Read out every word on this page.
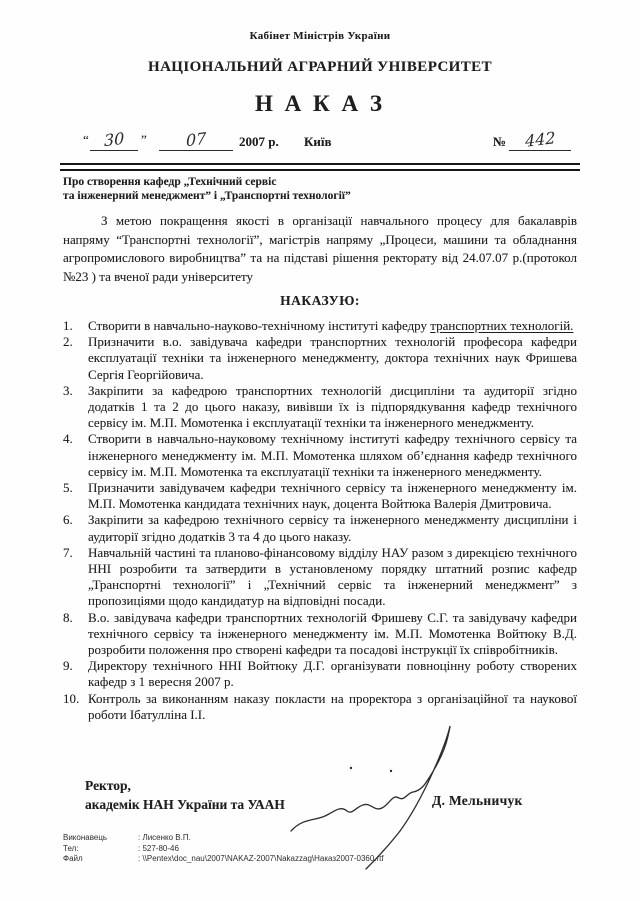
Кабінет Міністрів України
НАЦІОНАЛЬНИЙ АГРАРНИЙ УНІВЕРСИТЕТ
Н А К А З
“ 30	”	07	2007 р. Київ	№	442
Про створення кафедр „Технічний сервіс
та інженерний менеджмент” і „Транспортні технології”

З метою покращення якості в організації навчального процесу для бакалаврів напряму “Транспортні технології”, магістрів напряму „Процеси, машини та обладнання агропромислового виробництва” та на підставі рішення ректорату від 24.07.07 р.(протокол №23 ) та вченої ради університету

НАКАЗУЮ:
1.	Створити в навчально-науково-технічному інституті кафедру транспортних технологій.
2.	Призначити в.о. завідувача кафедри транспортних технологій професора кафедри експлуатації техніки та інженерного менеджменту, доктора технічних наук Фришева Сергія Георгійовича.
3.	Закріпити за кафедрою транспортних технологій дисципліни та аудиторії згідно додатків 1 та 2 до цього наказу, вивівши їх із підпорядкування кафедр технічного сервісу ім. М.П. Момотенка і експлуатації техніки та інженерного менеджменту.
4.	Створити в навчально-науковому технічному інституті кафедру технічного сервісу та інженерного менеджменту ім. М.П. Момотенка шляхом об’єднання кафедр технічного сервісу ім. М.П. Момотенка та експлуатації техніки та інженерного менеджменту.
5.	Призначити завідувачем кафедри технічного сервісу та інженерного менеджменту ім. М.П. Момотенка кандидата технічних наук, доцента Войтюка Валерія Дмитровича.
6.	Закріпити за кафедрою технічного сервісу та інженерного менеджменту дисципліни і аудиторії згідно додатків 3 та 4 до цього наказу.
7.	Навчальній частині та планово-фінансовому відділу НАУ разом з дирекцією технічного ННІ розробити та затвердити в установленому порядку штатний розпис кафедр „Транспортні технології” і „Технічний сервіс та інженерний менеджмент” з пропозиціями щодо кандидатур на відповідні посади.
8.	В.о. завідувача кафедри транспортних технологій Фришеву С.Г. та завідувачу кафедри технічного сервісу та інженерного менеджменту ім. М.П. Момотенка Войтюку В.Д. розробити положення про створені кафедри та посадові інструкції їх співробітників.
9.	Директору технічного ННІ Войтюку Д.Г. організувати повноцінну роботу створених кафедр з 1 вересня 2007 р.
10. Контроль за виконанням наказу покласти на проректора з організаційної та наукової роботи Ібатулліна І.І.
Ректор,
академік НАН України та УААН	Д. Мельничук
Виконавець	: Лисенко В.П.
Тел:	: 527-80-46
Файл	: \\Pentex\doc_nau\2007\NAKAZ-2007\Nakazzag\Наказ2007-0360.rtf
